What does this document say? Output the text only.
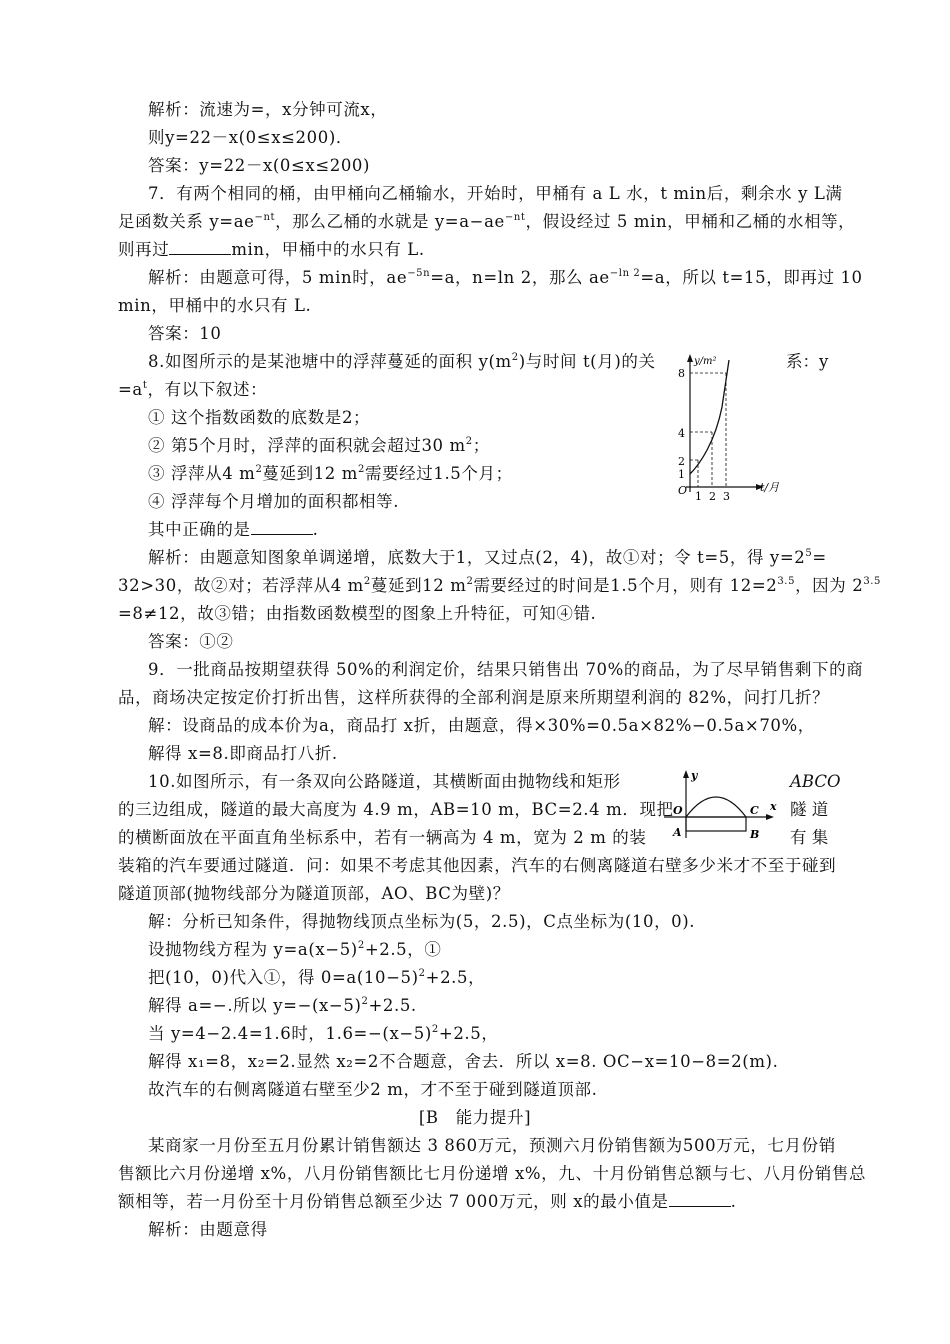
解析：流速为=，x分钟可流x，
则y=22－x(0≤x≤200)．
答案：y=22－x(0≤x≤200)
7．有两个相同的桶，由甲桶向乙桶输水，开始时，甲桶有 a L 水，t min后，剩余水 y L满
足函数关系 $y=ae^{-nt}$，那么乙桶的水就是 $y=a-ae^{-nt}$，假设经过 5 min，甲桶和乙桶的水相等，
则再过	min，甲桶中的水只有 L.
解析：由题意可得，5 min时，$ae^{-5n}=a$，n=ln 2，那么 $ae^{-ln 2}=a$，所以 t=15，即再过 10
min，甲桶中的水只有 L.
答案：10
8.如图所示的是某池塘中的浮萍蔓延的面积 $y(m^2)$与时间 t(月)的关	系：y
$=a^t$，有以下叙述：
① 这个指数函数的底数是2；
② 第5个月时，浮萍的面积就会超过30 $m^2$；
③ 浮萍从4 $m^2$蔓延到12 $m^2$需要经过1.5个月；
④ 浮萍每个月增加的面积都相等.
其中正确的是	.
y/m²
t/月
O
8
4
2
1
1 2 3
解析：由题意知图象单调递增，底数大于1，又过点(2，4)，故①对；令 t=5，得 $y=2^5=$
32>30，故②对；若浮萍从4 $m^2$蔓延到12 $m^2$需要经过的时间是1.5个月，则有 $12=2^{3.5}$，因为 $2^{3.5}$
=8≠12，故③错；由指数函数模型的图象上升特征，可知④错.
答案：①②
9．一批商品按期望获得 50%的利润定价，结果只销售出 70%的商品，为了尽早销售剩下的商
品，商场决定按定价打折出售，这样所获得的全部利润是原来所期望利润的 82%，问打几折？
解：设商品的成本价为a，商品打 x折，由题意，得×30%=0.5a×82%−0.5a×70%，
解得 x=8.即商品打八折.
10.如图所示，有一条双向公路隧道，其横断面由抛物线和矩形	ABCO
的三边组成，隧道的最大高度为 4.9 m，AB=10 m，BC=2.4 m．现把	隧 道
的横断面放在平面直角坐标系中，若有一辆高为 4 m，宽为 2 m 的装	有 集
装箱的汽车要通过隧道．问：如果不考虑其他因素，汽车的右侧离隧道右壁多少米才不至于碰到
隧道顶部(抛物线部分为隧道顶部，AO、BC为壁)？
y
x
O	C
A	B
解：分析已知条件，得抛物线顶点坐标为(5，2.5)，C点坐标为(10，0).
设抛物线方程为 $y=a(x-5)^2+2.5$，①
把(10，0)代入①，得 $0=a(10-5)^2+2.5$，
解得 a=−.所以 $y=-(x-5)^2+2.5$.
当 y=4−2.4=1.6时，$1.6=-(x-5)^2+2.5$，
解得 x₁=8，x₂=2.显然 x₂=2不合题意，舍去．所以 x=8. OC−x=10−8=2(m).
故汽车的右侧离隧道右壁至少2 m，才不至于碰到隧道顶部.
[B　能力提升]
某商家一月份至五月份累计销售额达 3 860万元，预测六月份销售额为500万元，七月份销
售额比六月份递增 x%，八月份销售额比七月份递增 x%，九、十月份销售总额与七、八月份销售总
额相等，若一月份至十月份销售总额至少达 7 000万元，则 x的最小值是	.
解析：由题意得
